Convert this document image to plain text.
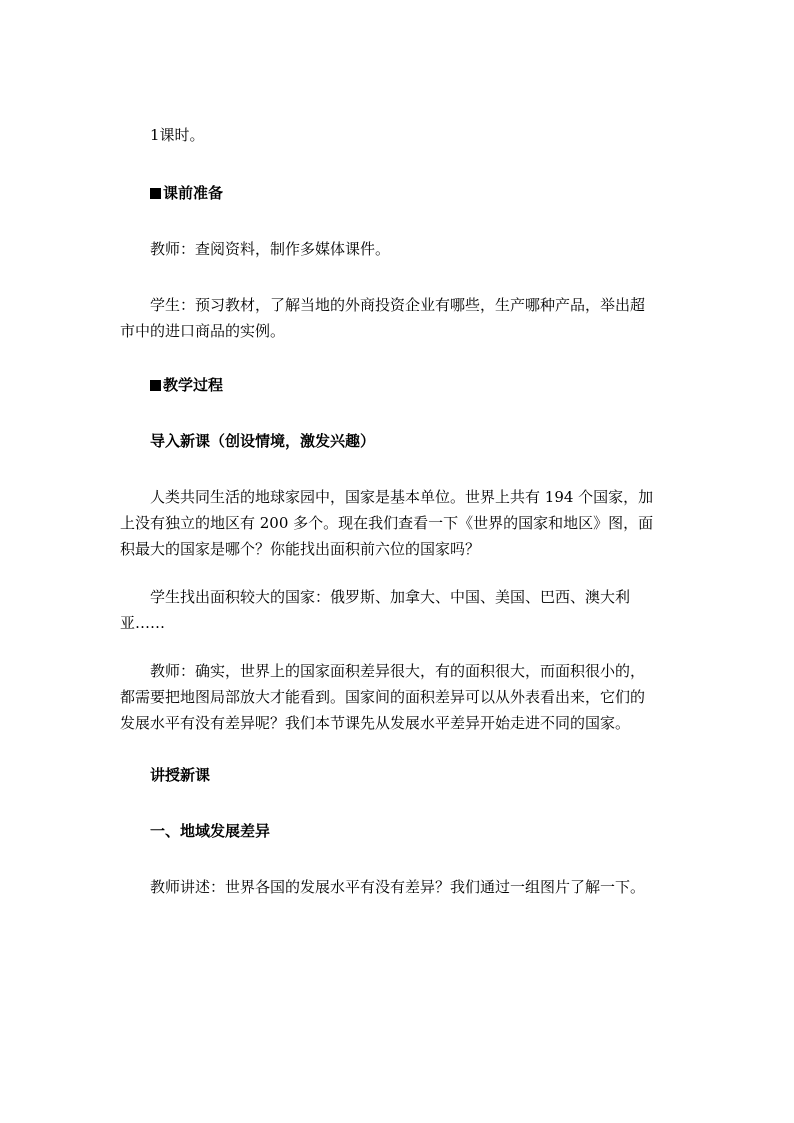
1课时。

课前准备

教师：查阅资料，制作多媒体课件。

学生：预习教材，了解当地的外商投资企业有哪些，生产哪种产品，举出超
市中的进口商品的实例。

教学过程

导入新课（创设情境，激发兴趣）

人类共同生活的地球家园中，国家是基本单位。世界上共有 194 个国家，加
上没有独立的地区有 200 多个。现在我们查看一下《世界的国家和地区》图，面
积最大的国家是哪个？你能找出面积前六位的国家吗？

学生找出面积较大的国家：俄罗斯、加拿大、中国、美国、巴西、澳大利
亚……

教师：确实，世界上的国家面积差异很大，有的面积很大，而面积很小的，
都需要把地图局部放大才能看到。国家间的面积差异可以从外表看出来，它们的
发展水平有没有差异呢？我们本节课先从发展水平差异开始走进不同的国家。

讲授新课

一、地域发展差异

教师讲述：世界各国的发展水平有没有差异？我们通过一组图片了解一下。
